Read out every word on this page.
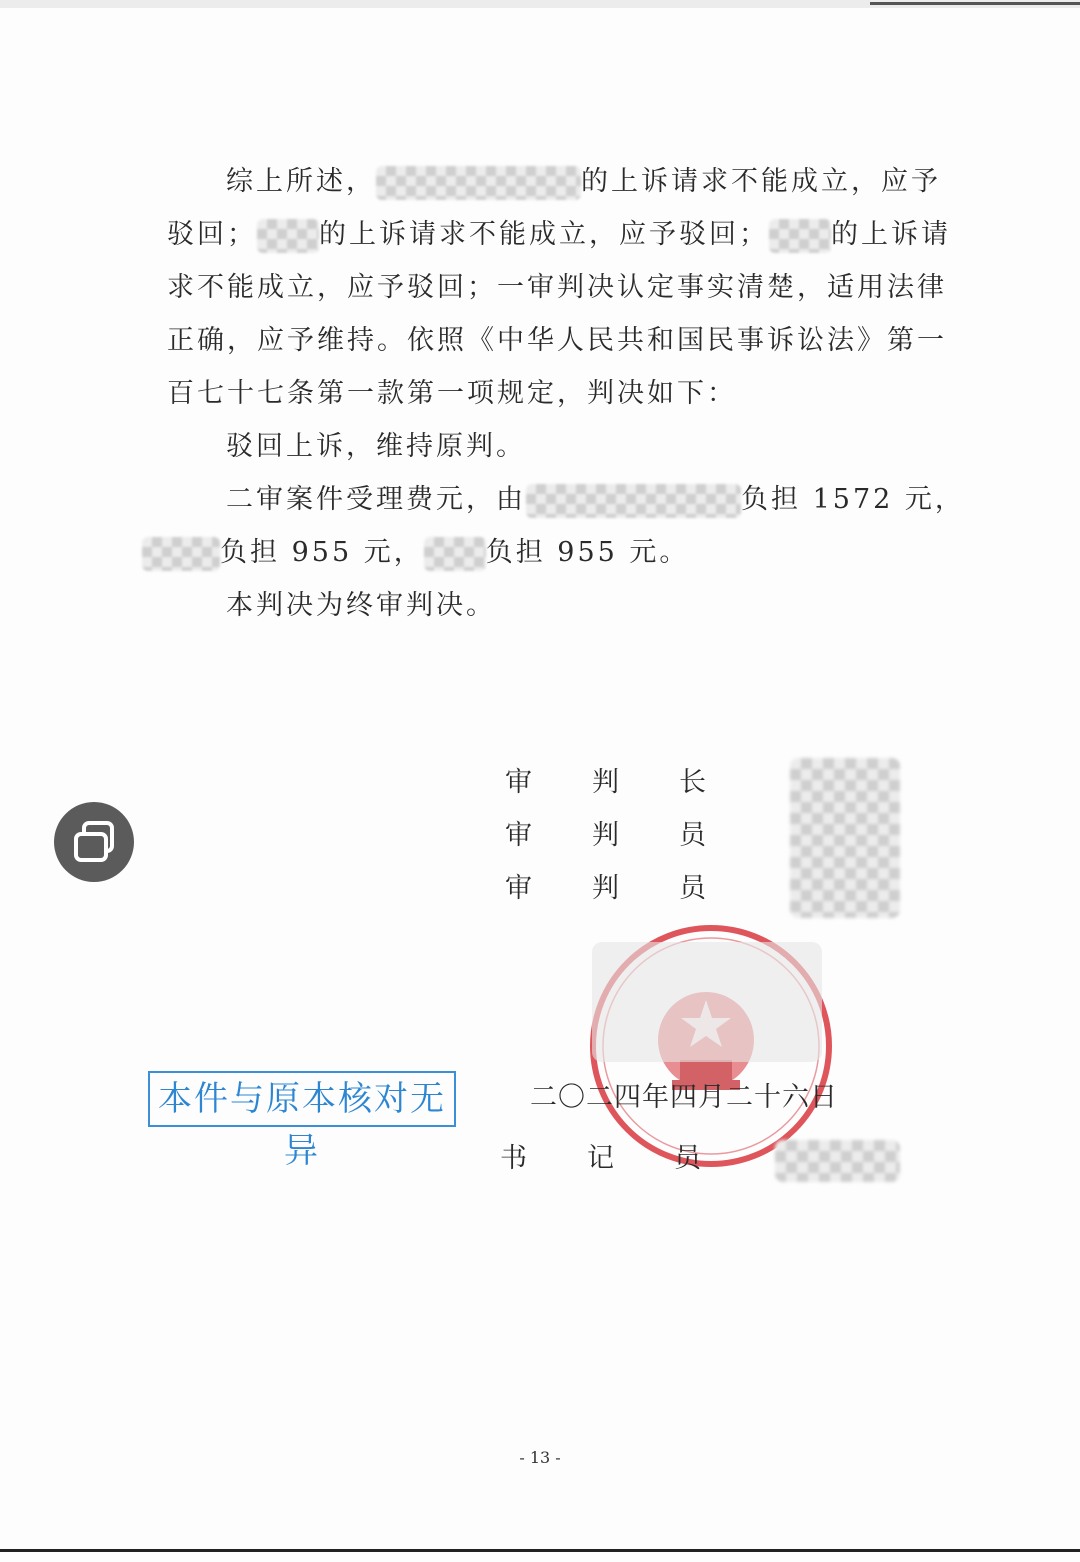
综上所述，	的上诉请求不能成立，应予
驳回； 的上诉请求不能成立，应予驳回； 的上诉请
求不能成立，应予驳回；一审判决认定事实清楚，适用法律
正确，应予维持。依照《中华人民共和国民事诉讼法》第一
百七十七条第一款第一项规定，判决如下：
驳回上诉，维持原判。
二审案件受理费元，由	负担 1572 元，
负担 955 元， 负担 955 元。
本判决为终审判决。
审 判 长
审 判 员
审 判 员
二〇二四年四月二十六日
书 记 员
本件与原本核对无异
- 13 -
